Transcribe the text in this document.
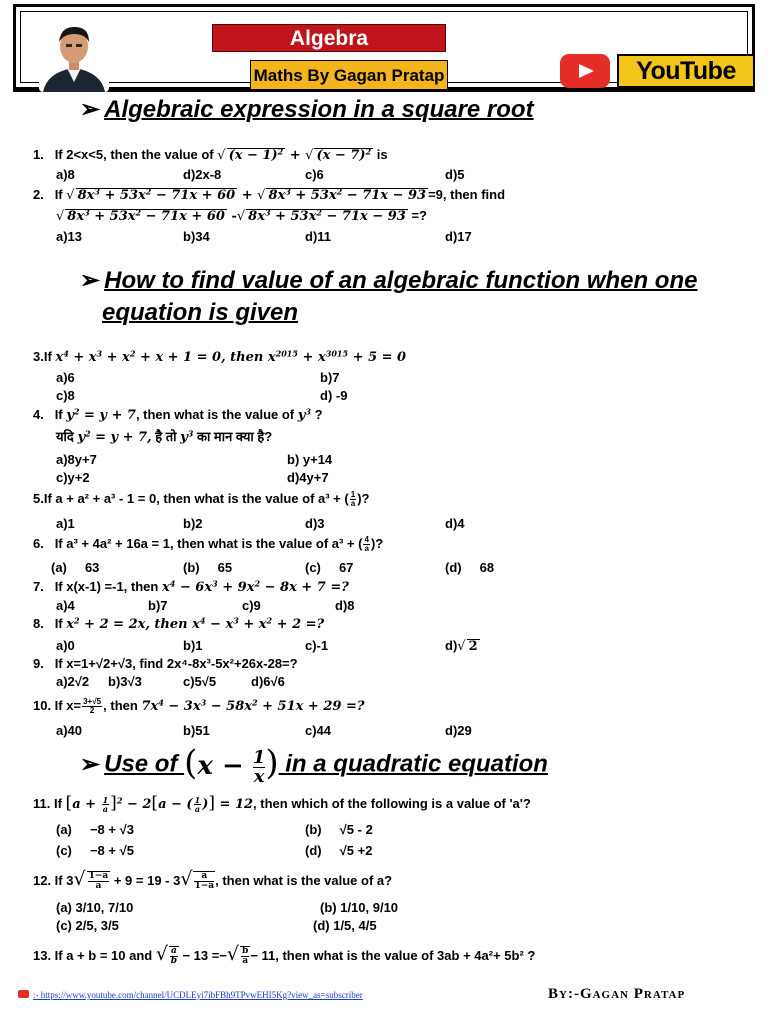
Algebra
Maths By Gagan Pratap	YouTube
➢ Algebraic expression in a square root
1. If 2<x<5, then the value of √ $(x - 1)^2$ + √ $(x - 7)^2$ is
a)8	d)2x-8	c)6	d)5
2. If √ $8x^3 + 53x^2 - 71x + 60$ + √ $8x^3 + 53x^2 - 71x - 93 =9$, then find
√ $8x^3 + 53x^2 - 71x + 60$ -√ $8x^3 + 53x^2 - 71x - 93$ =?
a)13	b)34	d)11	d)17
➢ How to find value of an algebraic function when one
equation is given
3.If $x^4 + x^3 + x^2 + x + 1 = 0$, then $x^{2015} + x^{3015} + 5 = 0$
a)6	b)7
c)8	d) -9
4. If $y^2 = y + 7$, then what is the value of $y^3$ ?
यदि $y^2 = y + 7$, है तो $y^3$ का मान क्या है?
a)8y+7	b) y+14
c)y+2	d)4y+7
5.If a + a² + a³ - 1 = 0, then what is the value of a³ + ( $\frac{1}{a}$ )?
a)1	b)2	d)3	d)4
6. If a³ + 4a² + 16a = 1, then what is the value of a³ + ( $\frac{4}{a}$ )?
(a)     63	(b)     65	(c)     67	(d)     68
7. If x(x-1) =-1, then $x^4 - 6x^3 + 9x^2 - 8x + 7$ =?
a)4	b)7	c)9	d)8
8. If $x^2 + 2 = 2x$, then $x^4 - x^3 + x^2 + 2$ =?
a)0	b)1	c)-1	d)√ 2
9. If x=1+√2+√3, find 2x⁴-8x³-5x²+26x-28=?
a)2√2 b)3√3	c)5√5	d)6√6
10. If $x= \frac{3+√5}{2}$ , then $7x^4 - 3x^3 - 58x^2 + 51x + 29$ =?
a)40	b)51	c)44	d)29
➢ Use of ($x - \frac{1}{x}$ ) in a quadratic equation
11. If $[a + \frac{1}{a} ]^2 - 2[a$ − ( $\frac{1}{a}$ )] = 12, then which of the following is a value of 'a'?
(a)     −8 + √3	(b)     √5 - 2
(c)     −8 + √5	(d)     √5 +2
12. If $3√ \frac{1-a}{a} + 9 = 19 - 3√ \frac{a}{1-a}$ , then what is the value of a?
(a) 3/10, 7/10	(b) 1/10, 9/10
(c) 2/5, 3/5	(d) 1/5, 4/5
13. If a + b = 10 and √ $\frac{a}{b} - 13$ =−√ $\frac{b}{a} - 11$, then what is the value of 3ab + 4a²+ 5b² ?
:- https://www.youtube.com/channel/UCDLEyi7ibFBh9TPvwEHI5Kg?view_as=subscriber	By:-Gagan Pratap
